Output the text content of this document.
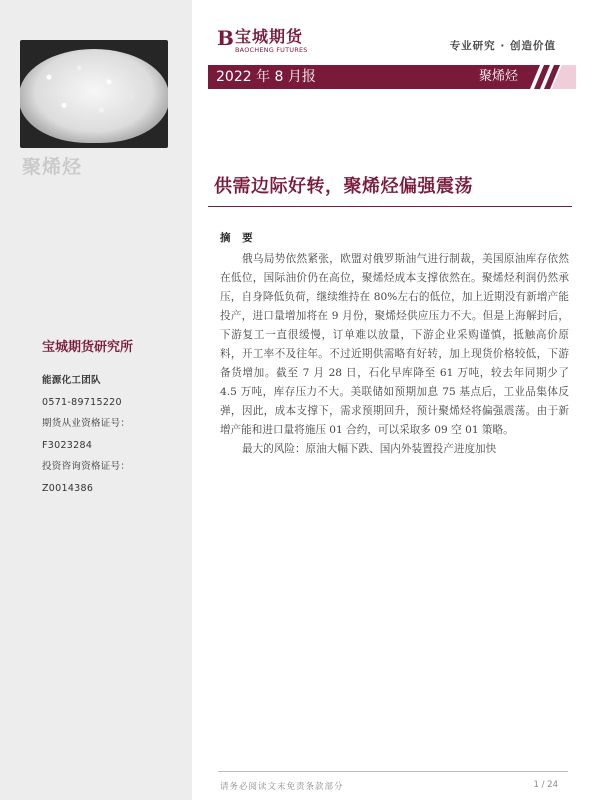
聚烯烃
宝城期货研究所
能源化工团队
0571-89715220
期货从业资格证号：
F3023284
投资咨询资格证号：
Z0014386
B 宝城期货
BAOCHENG FUTURES	专业研究 · 创造价值
2022 年 8 月报	聚烯烃
供需边际好转，聚烯烃偏强震荡
摘 要

俄乌局势依然紧张，欧盟对俄罗斯油气进行制裁，美国原油库存依然在低位，国际油价仍在高位，聚烯烃成本支撑依然在。聚烯烃利润仍然承压，自身降低负荷，继续维持在 80%左右的低位，加上近期没有新增产能投产，进口量增加将在 9 月份，聚烯烃供应压力不大。但是上海解封后，下游复工一直很缓慢，订单难以放量，下游企业采购谨慎，抵触高价原料，开工率不及往年。不过近期供需略有好转，加上现货价格较低，下游备货增加。截至 7 月 28 日，石化早库降至 61 万吨，较去年同期少了 4.5 万吨，库存压力不大。美联储如预期加息 75 基点后，工业品集体反弹，因此，成本支撑下，需求预期回升，预计聚烯烃将偏强震荡。由于新增产能和进口量将施压 01 合约，可以采取多 09 空 01 策略。

最大的风险：原油大幅下跌、国内外装置投产进度加快
请务必阅读文末免责条款部分	1 / 24
